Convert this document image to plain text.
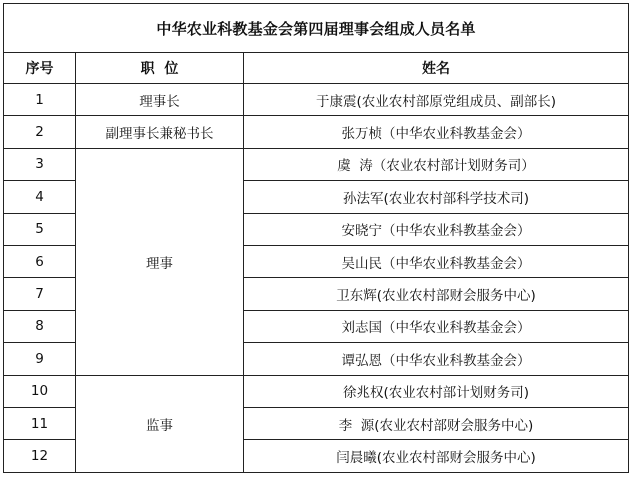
中华农业科教基金会第四届理事会组成人员名单		
序号	职  位	姓名
1	理事长	于康震(农业农村部原党组成员、副部长)
2	副理事长兼秘书长	张万桢（中华农业科教基金会）
3	理事	虞  涛（农业农村部计划财务司）
4		孙法军(农业农村部科学技术司)
5		安晓宁（中华农业科教基金会）
6		吴山民（中华农业科教基金会）
7		卫东辉(农业农村部财会服务中心)
8		刘志国（中华农业科教基金会）
9		谭弘恩（中华农业科教基金会）
10	监事	徐兆权(农业农村部计划财务司)
11		李  源(农业农村部财会服务中心)
12		闫晨曦(农业农村部财会服务中心)
